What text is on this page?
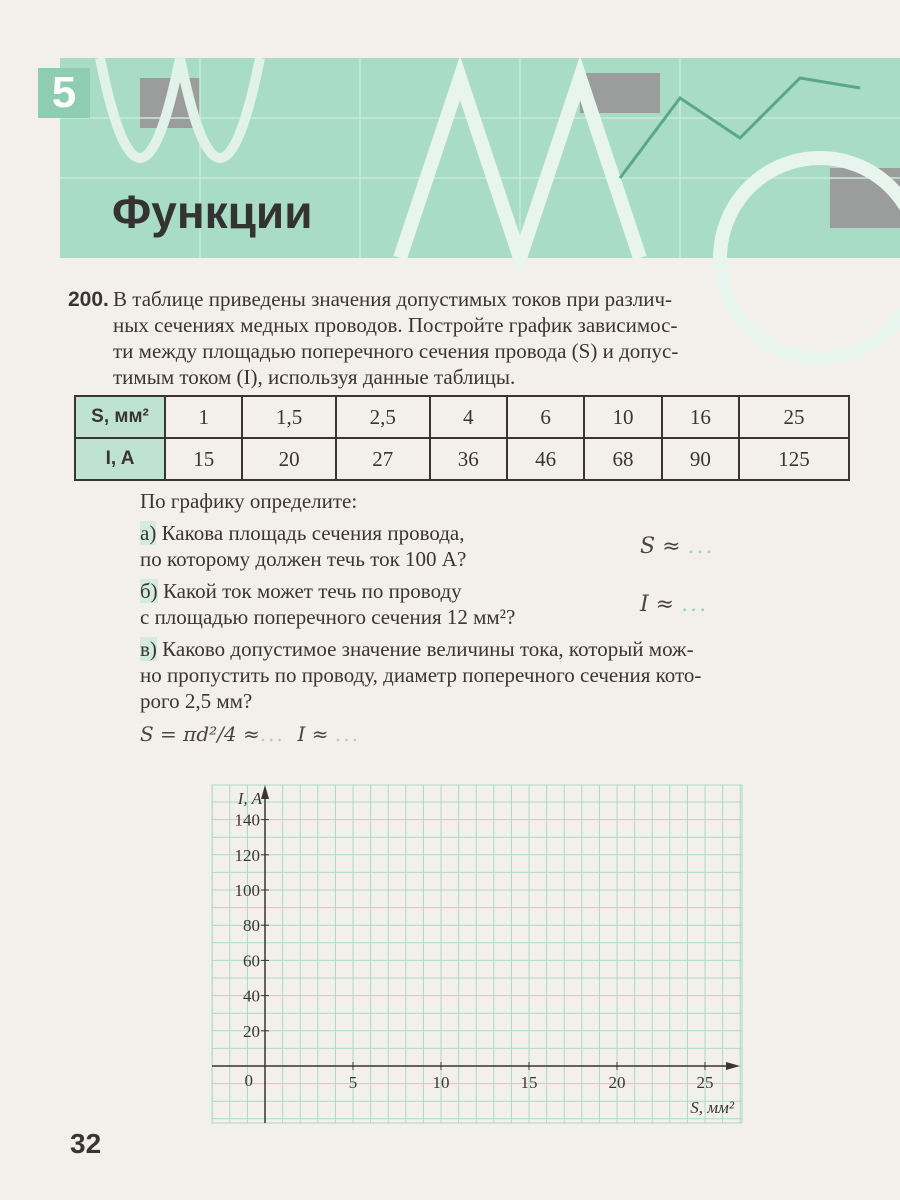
5
Функции
200. В таблице приведены значения допустимых токов при различ-
ных сечениях медных проводов. Постройте график зависимос-
ти между площадью поперечного сечения провода (S) и допус-
тимым током (I), используя данные таблицы.
S, мм²	1	1,5	2,5	4	6	10	16	25
I, A	15	20	27	36	46	68	90	125
По графику определите:
а) Какова площадь сечения провода,
по которому должен течь ток 100 А?	S ≈ ...
б) Какой ток может течь по проводу
с площадью поперечного сечения 12 мм²?	I ≈ ...
в) Каково допустимое значение величины тока, который мож-
но пропустить по проводу, диаметр поперечного сечения кото-
рого 2,5 мм?
S = πd²/4 ≈... I ≈ ...
5	10	15	20	25
20
40
60
80
100
120
140
0
I, A
S, мм²
32
